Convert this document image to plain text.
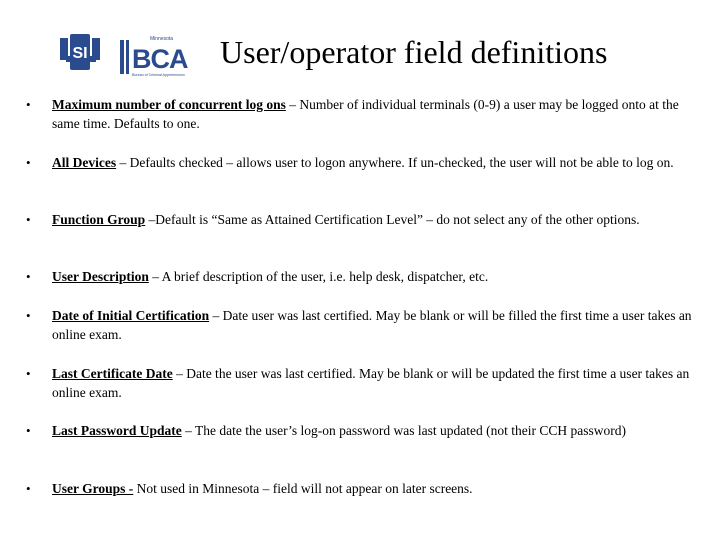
SI
Minnesota
BCA
Bureau of Criminal Apprehension
User/operator field definitions
• Maximum number of concurrent log ons – Number of individual terminals (0-9) a user may be logged onto at the same time. Defaults to one.
• All Devices – Defaults checked – allows user to logon anywhere. If un-checked, the user will not be able to log on.
• Function Group –Default is “Same as Attained Certification Level” – do not select any of the other options.
• User Description – A brief description of the user, i.e. help desk, dispatcher, etc.
• Date of Initial Certification – Date user was last certified. May be blank or will be filled the first time a user takes an online exam.
• Last Certificate Date – Date the user was last certified. May be blank or will be updated the first time a user takes an online exam.
• Last Password Update – The date the user’s log-on password was last updated (not their CCH password)
• User Groups - Not used in Minnesota – field will not appear on later screens.
